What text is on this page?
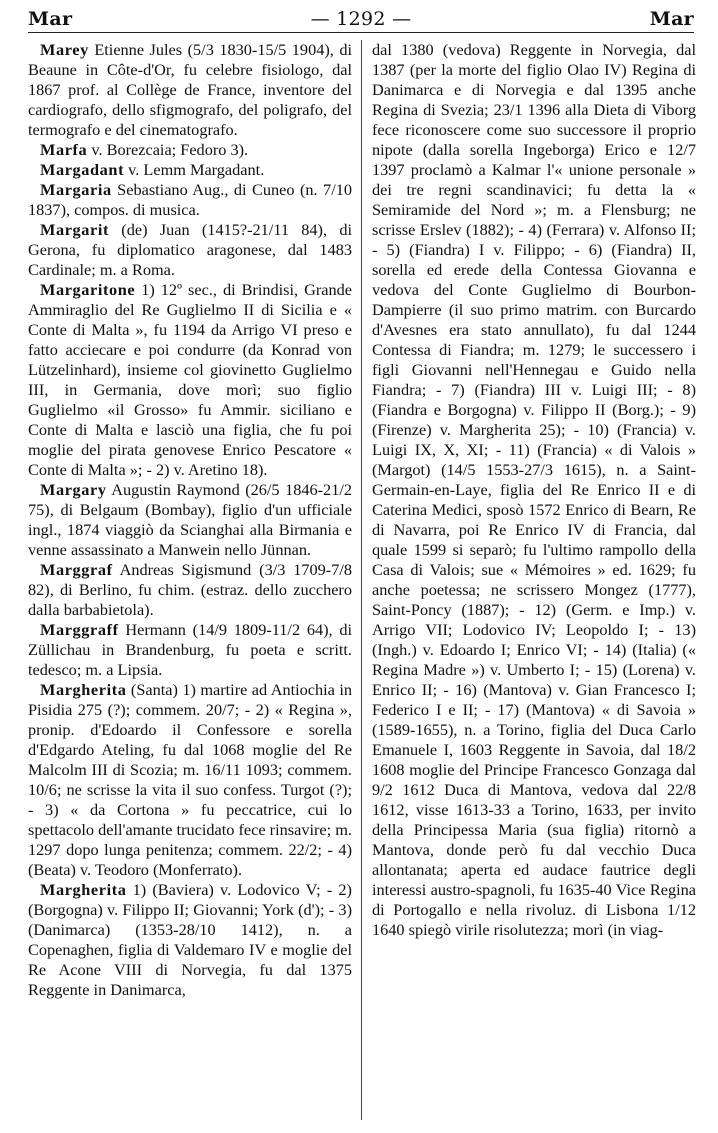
Mar	— 1292 —	Mar

Marey Etienne Jules (5/3 1830-15/5 1904), di Beaune in Côte-d'Or, fu celebre fisiologo, dal 1867 prof. al Collège de France, inventore del cardiografo, dello sfigmografo, del poligrafo, del termografo e del cinematografo.

Marfa v. Borezcaia; Fedoro 3).

Margadant v. Lemm Margadant.

Margaria Sebastiano Aug., di Cuneo (n. 7/10 1837), compos. di musica.

Margarit (de) Juan (1415?-21/11 84), di Gerona, fu diplomatico aragonese, dal 1483 Cardinale; m. a Roma.

Margaritone 1) 12º sec., di Brindisi, Grande Ammiraglio del Re Guglielmo II di Sicilia e « Conte di Malta », fu 1194 da Arrigo VI preso e fatto acciecare e poi condurre (da Konrad von Lützelinhard), insieme col giovinetto Guglielmo III, in Germania, dove morì; suo figlio Guglielmo «il Grosso» fu Ammir. siciliano e Conte di Malta e lasciò una figlia, che fu poi moglie del pirata genovese Enrico Pescatore « Conte di Malta »; - 2) v. Aretino 18).

Margary Augustin Raymond (26/5 1846-21/2 75), di Belgaum (Bombay), figlio d'un ufficiale ingl., 1874 viaggiò da Scianghai alla Birmania e venne assassinato a Manwein nello Jünnan.

Marggraf Andreas Sigismund (3/3 1709-7/8 82), di Berlino, fu chim. (estraz. dello zucchero dalla barbabietola).

Marggraff Hermann (14/9 1809-11/2 64), di Züllichau in Brandenburg, fu poeta e scritt. tedesco; m. a Lipsia.

Margherita (Santa) 1) martire ad Antiochia in Pisidia 275 (?); commem. 20/7; - 2) « Regina », pronip. d'Edoardo il Confessore e sorella d'Edgardo Ateling, fu dal 1068 moglie del Re Malcolm III di Scozia; m. 16/11 1093; commem. 10/6; ne scrisse la vita il suo confess. Turgot (?); - 3) « da Cortona » fu peccatrice, cui lo spettacolo dell'amante trucidato fece rinsavire; m. 1297 dopo lunga penitenza; commem. 22/2; - 4) (Beata) v. Teodoro (Monferrato).

Margherita 1) (Baviera) v. Lodovico V; - 2) (Borgogna) v. Filippo II; Giovanni; York (d'); - 3) (Danimarca) (1353-28/10 1412), n. a Copenaghen, figlia di Valdemaro IV e moglie del Re Acone VIII di Norvegia, fu dal 1375 Reggente in Danimarca,

dal 1380 (vedova) Reggente in Norvegia, dal 1387 (per la morte del figlio Olao IV) Regina di Danimarca e di Norvegia e dal 1395 anche Regina di Svezia; 23/1 1396 alla Dieta di Viborg fece riconoscere come suo successore il proprio nipote (dalla sorella Ingeborga) Erico e 12/7 1397 proclamò a Kalmar l'« unione personale » dei tre regni scandinavici; fu detta la « Semiramide del Nord »; m. a Flensburg; ne scrisse Erslev (1882); - 4) (Ferrara) v. Alfonso II; - 5) (Fiandra) I v. Filippo; - 6) (Fiandra) II, sorella ed erede della Contessa Giovanna e vedova del Conte Guglielmo di Bourbon-Dampierre (il suo primo matrim. con Burcardo d'Avesnes era stato annullato), fu dal 1244 Contessa di Fiandra; m. 1279; le successero i figli Giovanni nell'Hennegau e Guido nella Fiandra; - 7) (Fiandra) III v. Luigi III; - 8) (Fiandra e Borgogna) v. Filippo II (Borg.); - 9) (Firenze) v. Margherita 25); - 10) (Francia) v. Luigi IX, X, XI; - 11) (Francia) « di Valois » (Margot) (14/5 1553-27/3 1615), n. a Saint-Germain-en-Laye, figlia del Re Enrico II e di Caterina Medici, sposò 1572 Enrico di Bearn, Re di Navarra, poi Re Enrico IV di Francia, dal quale 1599 si separò; fu l'ultimo rampollo della Casa di Valois; sue « Mémoires » ed. 1629; fu anche poetessa; ne scrissero Mongez (1777), Saint-Poncy (1887); - 12) (Germ. e Imp.) v. Arrigo VII; Lodovico IV; Leopoldo I; - 13) (Ingh.) v. Edoardo I; Enrico VI; - 14) (Italia) (« Regina Madre ») v. Umberto I; - 15) (Lorena) v. Enrico II; - 16) (Mantova) v. Gian Francesco I; Federico I e II; - 17) (Mantova) « di Savoia » (1589-1655), n. a Torino, figlia del Duca Carlo Emanuele I, 1603 Reggente in Savoia, dal 18/2 1608 moglie del Principe Francesco Gonzaga dal 9/2 1612 Duca di Mantova, vedova dal 22/8 1612, visse 1613-33 a Torino, 1633, per invito della Principessa Maria (sua figlia) ritornò a Mantova, donde però fu dal vecchio Duca allontanata; aperta ed audace fautrice degli interessi austro-spagnoli, fu 1635-40 Vice Regina di Portogallo e nella rivoluz. di Lisbona 1/12 1640 spiegò virile risolutezza; morì (in viag-
